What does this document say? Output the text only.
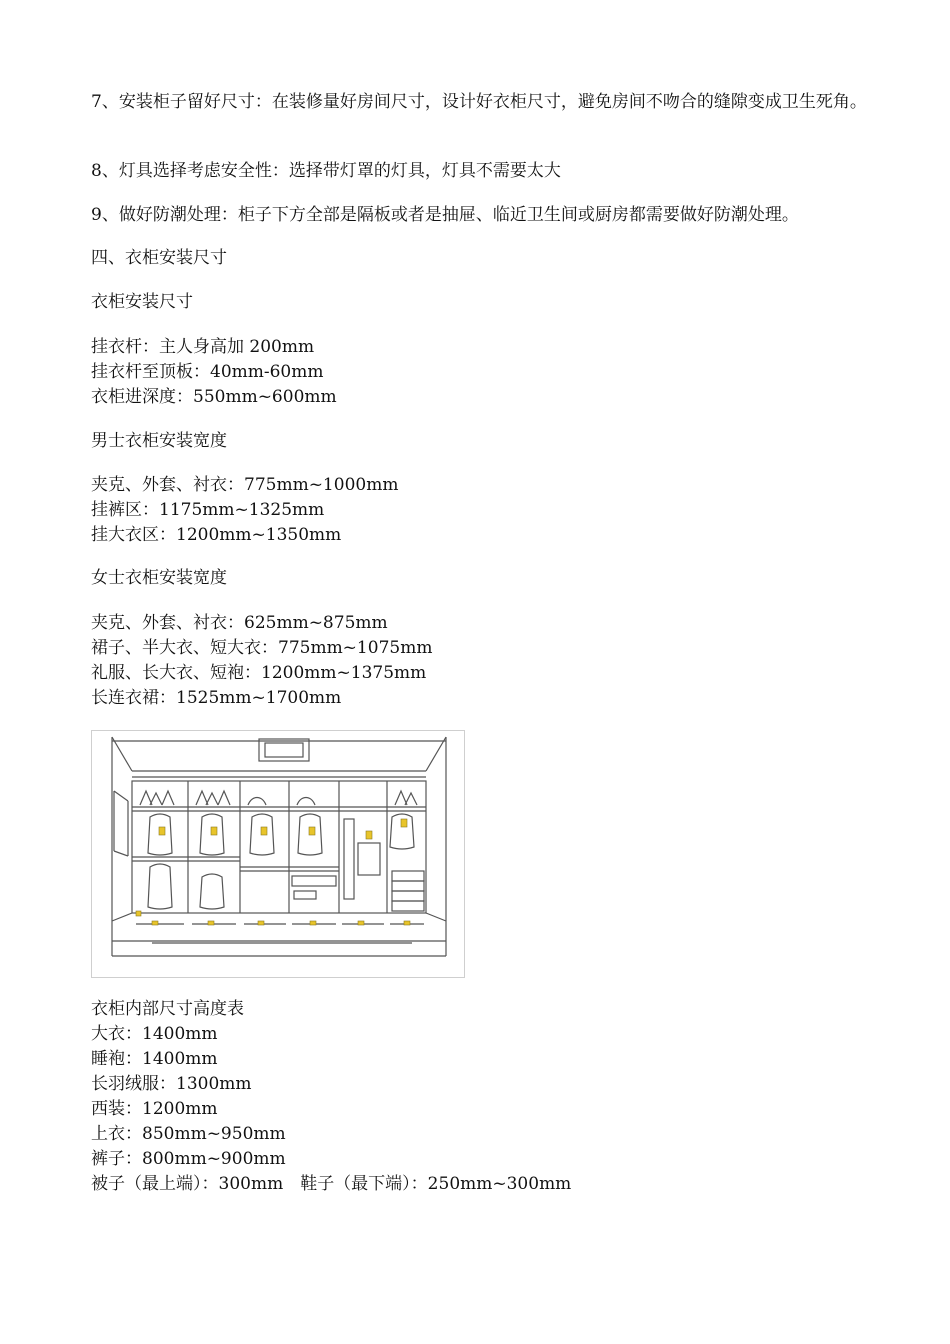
7、安装柜子留好尺寸：在装修量好房间尺寸，设计好衣柜尺寸，避免房间不吻合的缝隙变成卫生死角。

8、灯具选择考虑安全性：选择带灯罩的灯具，灯具不需要太大

9、做好防潮处理：柜子下方全部是隔板或者是抽屉、临近卫生间或厨房都需要做好防潮处理。

四、衣柜安装尺寸
衣柜安装尺寸
挂衣杆：主人身高加 200mm
挂衣杆至顶板：40mm-60mm
衣柜进深度：550mm~600mm
男士衣柜安装宽度
夹克、外套、衬衣：775mm~1000mm
挂裤区：1175mm~1325mm
挂大衣区：1200mm~1350mm
女士衣柜安装宽度
夹克、外套、衬衣：625mm~875mm
裙子、半大衣、短大衣：775mm~1075mm
礼服、长大衣、短袍：1200mm~1375mm
长连衣裙：1525mm~1700mm
衣柜内部尺寸高度表
大衣：1400mm
睡袍：1400mm
长羽绒服：1300mm
西装：1200mm
上衣：850mm~950mm
裤子：800mm~900mm
被子（最上端）：300mm　鞋子（最下端）：250mm~300mm
